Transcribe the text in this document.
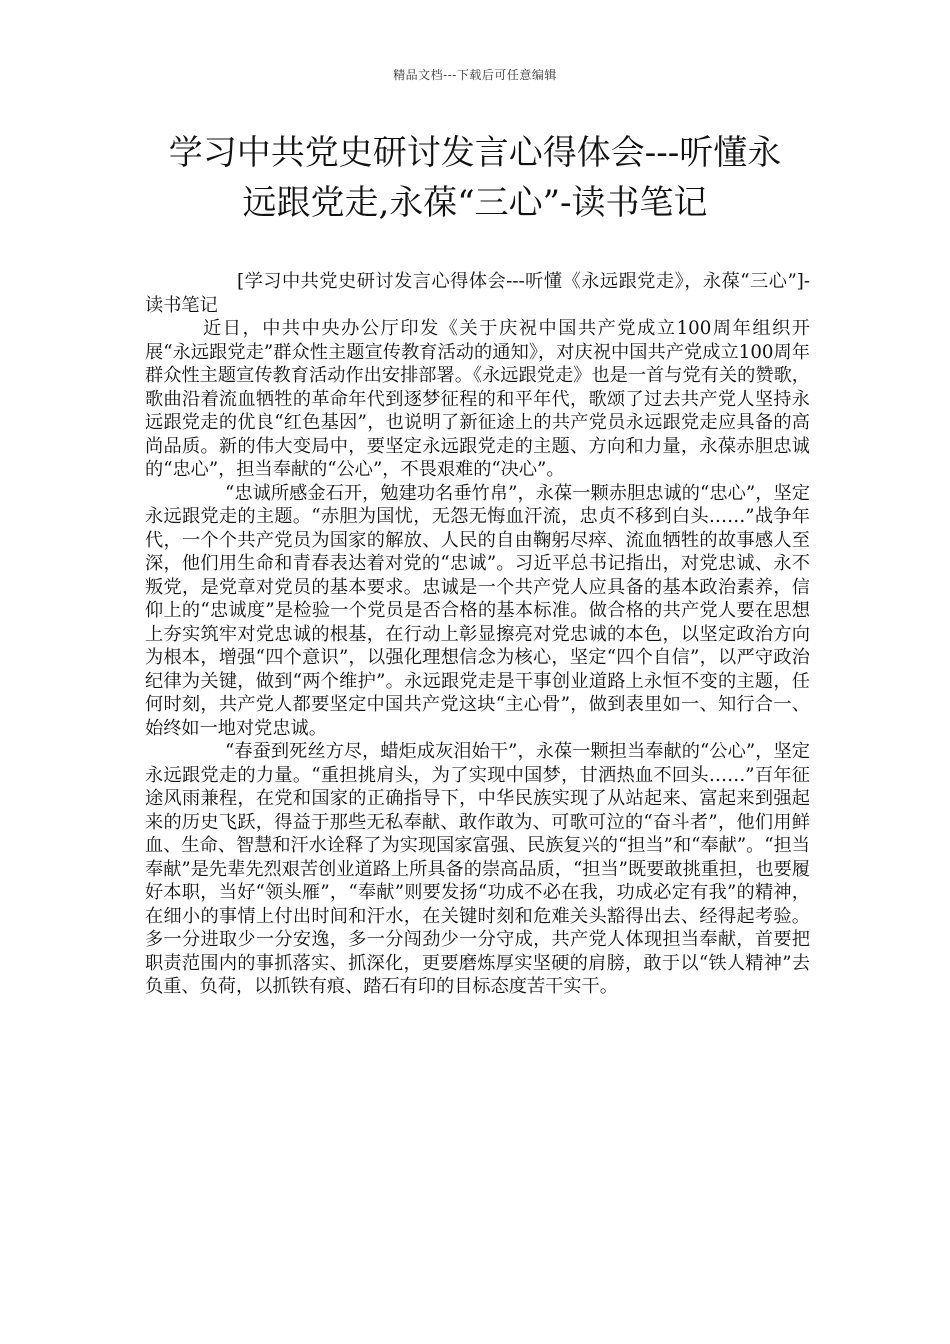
精品文档---下载后可任意编辑
学习中共党史研讨发言心得体会---听懂永
远跟党走,永葆“三心”-读书笔记

[学习中共党史研讨发言心得体会---听懂《永远跟党走》，永葆“三心”]-读书笔记

近日，中共中央办公厅印发《关于庆祝中国共产党成立100周年组织开展“永远跟党走”群众性主题宣传教育活动的通知》，对庆祝中国共产党成立100周年群众性主题宣传教育活动作出安排部署。《永远跟党走》也是一首与党有关的赞歌，歌曲沿着流血牺牲的革命年代到逐梦征程的和平年代，歌颂了过去共产党人坚持永远跟党走的优良“红色基因”，也说明了新征途上的共产党员永远跟党走应具备的高尚品质。新的伟大变局中，要坚定永远跟党走的主题、方向和力量，永葆赤胆忠诚的“忠心”，担当奉献的“公心”，不畏艰难的“决心”。

“忠诚所感金石开，勉建功名垂竹帛”，永葆一颗赤胆忠诚的“忠心”，坚定永远跟党走的主题。“赤胆为国忧，无怨无悔血汗流，忠贞不移到白头……”战争年代，一个个共产党员为国家的解放、人民的自由鞠躬尽瘁、流血牺牲的故事感人至深，他们用生命和青春表达着对党的“忠诚”。习近平总书记指出，对党忠诚、永不叛党，是党章对党员的基本要求。忠诚是一个共产党人应具备的基本政治素养，信仰上的“忠诚度”是检验一个党员是否合格的基本标准。做合格的共产党人要在思想上夯实筑牢对党忠诚的根基，在行动上彰显擦亮对党忠诚的本色，以坚定政治方向为根本，增强“四个意识”，以强化理想信念为核心，坚定“四个自信”，以严守政治纪律为关键，做到“两个维护”。永远跟党走是干事创业道路上永恒不变的主题，任何时刻，共产党人都要坚定中国共产党这块“主心骨”，做到表里如一、知行合一、始终如一地对党忠诚。

“春蚕到死丝方尽，蜡炬成灰泪始干”，永葆一颗担当奉献的“公心”，坚定永远跟党走的力量。“重担挑肩头，为了实现中国梦，甘洒热血不回头……”百年征途风雨兼程，在党和国家的正确指导下，中华民族实现了从站起来、富起来到强起来的历史飞跃，得益于那些无私奉献、敢作敢为、可歌可泣的“奋斗者”，他们用鲜血、生命、智慧和汗水诠释了为实现国家富强、民族复兴的“担当”和“奉献”。“担当奉献”是先辈先烈艰苦创业道路上所具备的崇高品质，“担当”既要敢挑重担，也要履好本职，当好“领头雁”，“奉献”则要发扬“功成不必在我，功成必定有我”的精神，在细小的事情上付出时间和汗水，在关键时刻和危难关头豁得出去、经得起考验。多一分进取少一分安逸，多一分闯劲少一分守成，共产党人体现担当奉献，首要把职责范围内的事抓落实、抓深化，更要磨炼厚实坚硬的肩膀，敢于以“铁人精神”去负重、负荷，以抓铁有痕、踏石有印的目标态度苦干实干。
